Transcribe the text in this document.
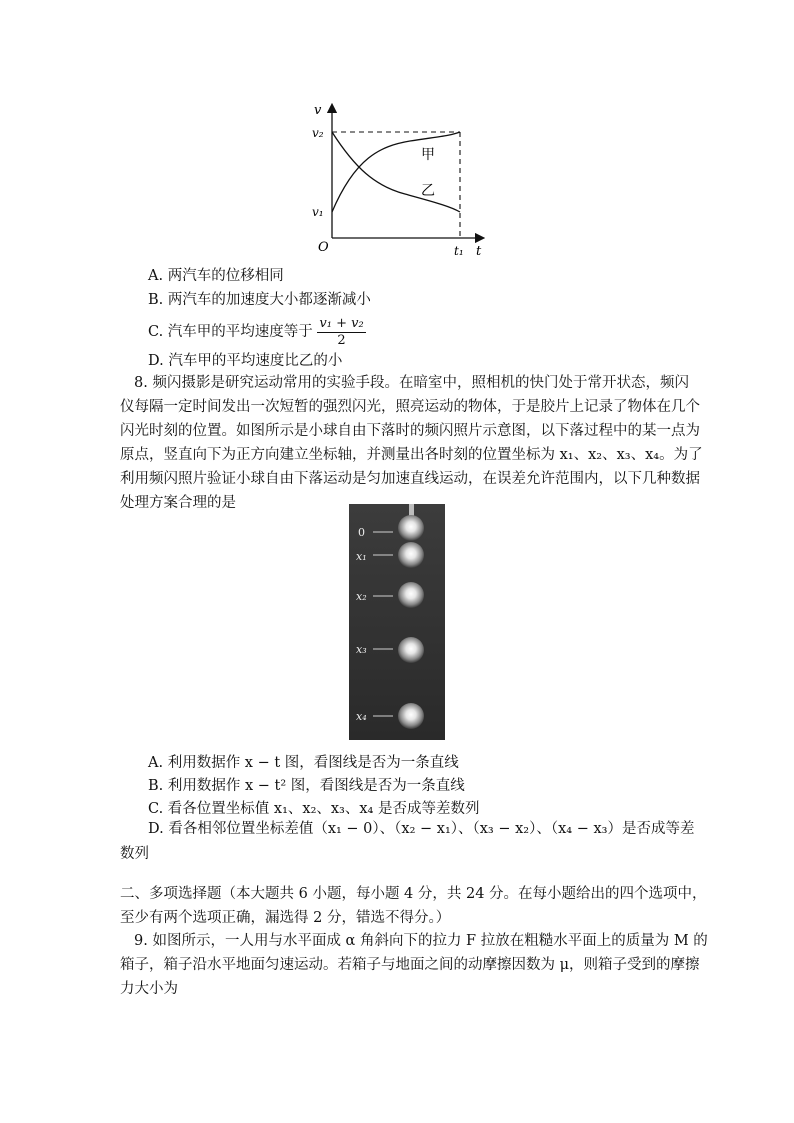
v
v₂
v₁
O	t₁ t
甲
乙
A. 两汽车的位移相同
B. 两汽车的加速度大小都逐渐减小
C. 汽车甲的平均速度等于 $\frac{\text{v₁ + v₂}}{2}$
D. 汽车甲的平均速度比乙的小
8. 频闪摄影是研究运动常用的实验手段。在暗室中，照相机的快门处于常开状态，频闪
仪每隔一定时间发出一次短暂的强烈闪光，照亮运动的物体，于是胶片上记录了物体在几个
闪光时刻的位置。如图所示是小球自由下落时的频闪照片示意图，以下落过程中的某一点为
原点，竖直向下为正方向建立坐标轴，并测量出各时刻的位置坐标为 x₁、x₂、x₃、x₄。为了
利用频闪照片验证小球自由下落运动是匀加速直线运动，在误差允许范围内，以下几种数据
处理方案合理的是
0
x₁
x₂
x₃
x₄
A. 利用数据作 x − t 图，看图线是否为一条直线
B. 利用数据作 x − t² 图，看图线是否为一条直线
C. 看各位置坐标值 x₁、x₂、x₃、x₄ 是否成等差数列
D. 看各相邻位置坐标差值（x₁ − 0）、（x₂ − x₁）、（x₃ − x₂）、（x₄ − x₃）是否成等差
数列
二、多项选择题（本大题共 6 小题，每小题 4 分，共 24 分。在每小题给出的四个选项中，
至少有两个选项正确，漏选得 2 分，错选不得分。）
9. 如图所示，一人用与水平面成 α 角斜向下的拉力 F 拉放在粗糙水平面上的质量为 M 的
箱子，箱子沿水平地面匀速运动。若箱子与地面之间的动摩擦因数为 μ，则箱子受到的摩擦
力大小为
